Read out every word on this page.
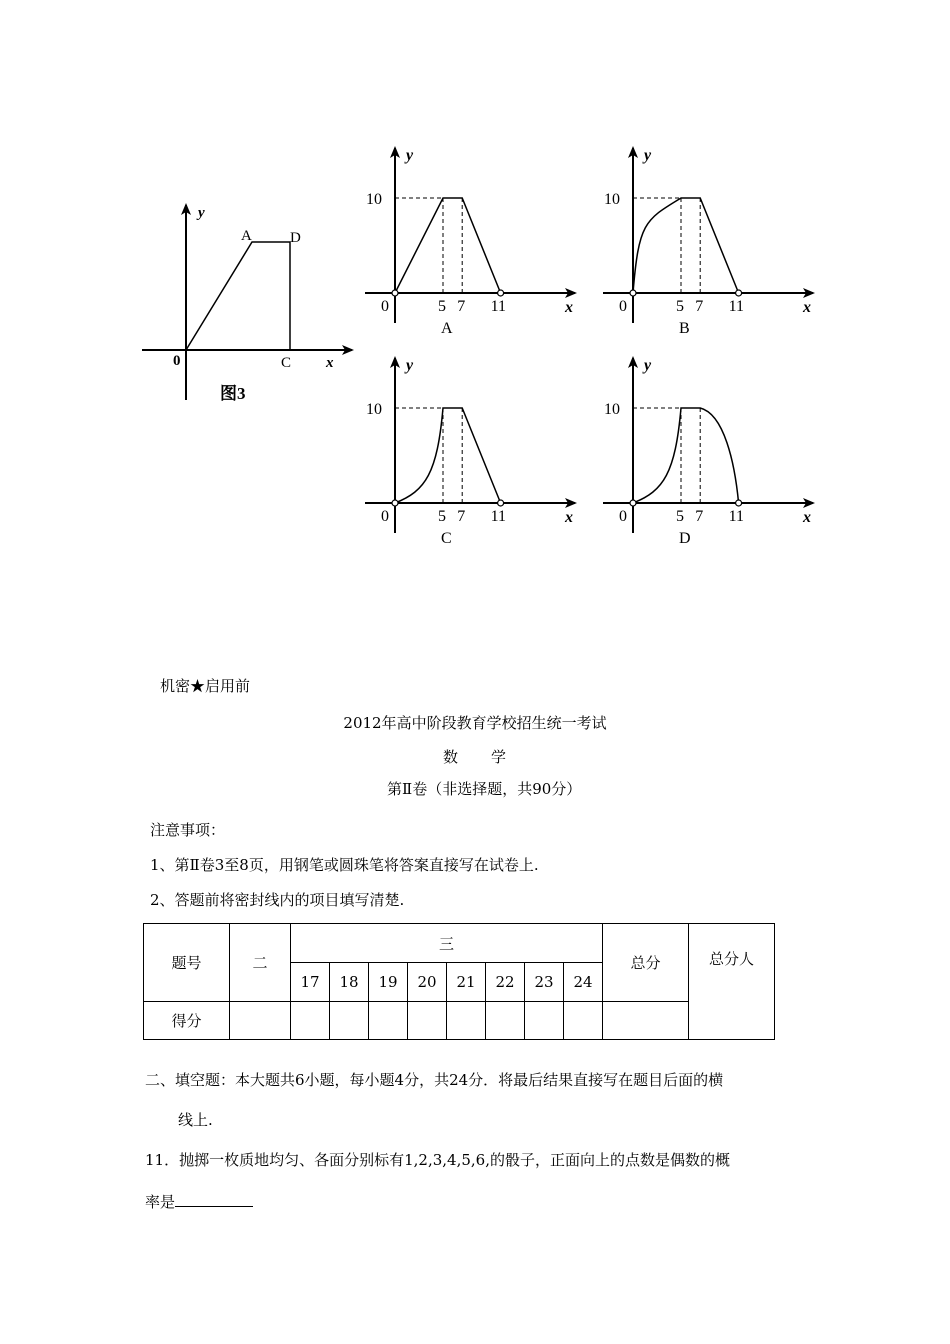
y
x
0
A	D
C
图3
y
x
10
0	5 7 11
A
y
x
10
0	5 7 11
B
y
x
10
0	5 7 11
C
y
x
10
0	5 7 11
D
机密★启用前
2012年高中阶段教育学校招生统一考试
数　　学
第Ⅱ卷（非选择题，共90分）
注意事项：
1、第Ⅱ卷3至8页，用钢笔或圆珠笔将答案直接写在试卷上.
2、答题前将密封线内的项目填写清楚.
题号	二	三								总分	总分人
		17	18	19	20	21	22	23	24		
得分											
二、填空题：本大题共6小题，每小题4分，共24分．将最后结果直接写在题目后面的横
线上.
11．抛掷一枚质地均匀、各面分别标有1,2,3,4,5,6,的骰子，正面向上的点数是偶数的概
率是
